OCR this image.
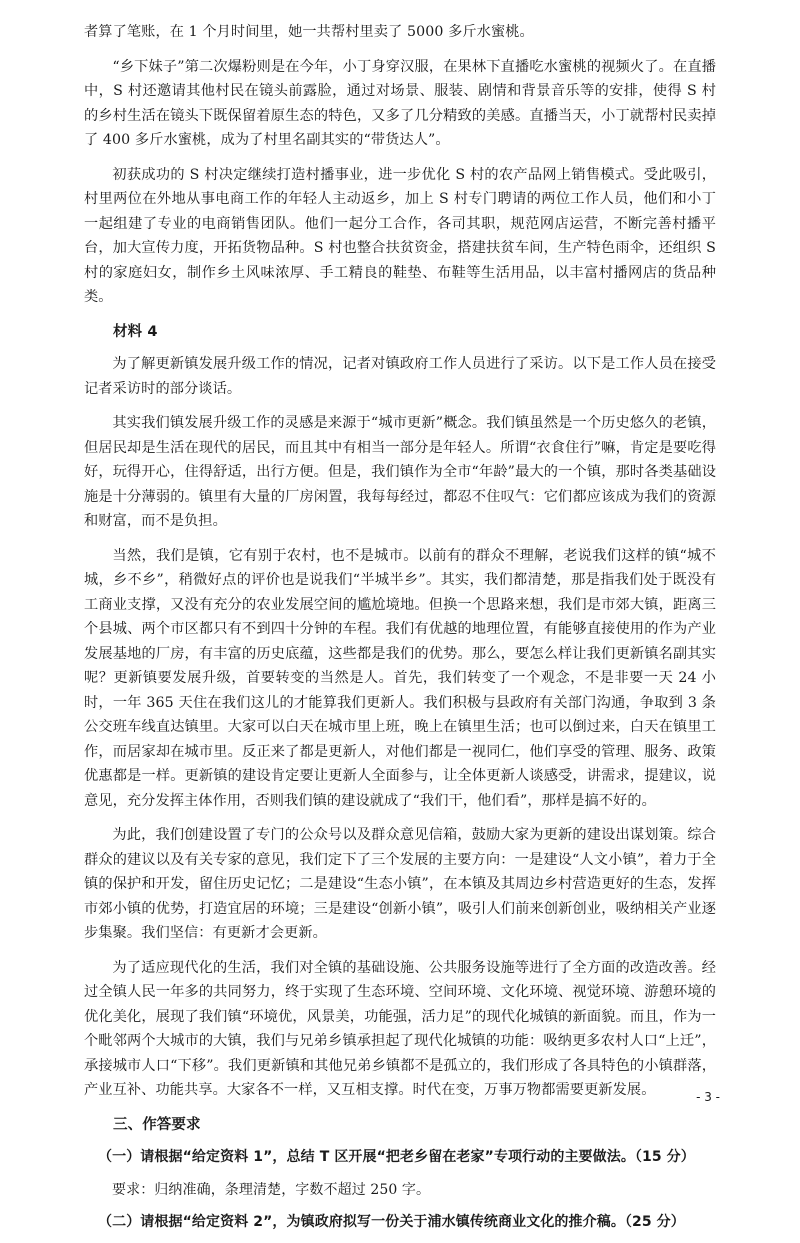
者算了笔账，在 1 个月时间里，她一共帮村里卖了 5000 多斤水蜜桃。

“乡下妹子”第二次爆粉则是在今年，小丁身穿汉服，在果林下直播吃水蜜桃的视频火了。在直播中，S 村还邀请其他村民在镜头前露脸，通过对场景、服装、剧情和背景音乐等的安排，使得 S 村的乡村生活在镜头下既保留着原生态的特色，又多了几分精致的美感。直播当天，小丁就帮村民卖掉了 400 多斤水蜜桃，成为了村里名副其实的“带货达人”。

初获成功的 S 村决定继续打造村播事业，进一步优化 S 村的农产品网上销售模式。受此吸引，村里两位在外地从事电商工作的年轻人主动返乡，加上 S 村专门聘请的两位工作人员，他们和小丁一起组建了专业的电商销售团队。他们一起分工合作，各司其职，规范网店运营，不断完善村播平台，加大宣传力度，开拓货物品种。S 村也整合扶贫资金，搭建扶贫车间，生产特色雨伞，还组织 S 村的家庭妇女，制作乡土风味浓厚、手工精良的鞋垫、布鞋等生活用品，以丰富村播网店的货品种类。

材料 4

为了解更新镇发展升级工作的情况，记者对镇政府工作人员进行了采访。以下是工作人员在接受记者采访时的部分谈话。

其实我们镇发展升级工作的灵感是来源于“城市更新”概念。我们镇虽然是一个历史悠久的老镇，但居民却是生活在现代的居民，而且其中有相当一部分是年轻人。所谓“衣食住行”嘛，肯定是要吃得好，玩得开心，住得舒适，出行方便。但是，我们镇作为全市“年龄”最大的一个镇，那时各类基础设施是十分薄弱的。镇里有大量的厂房闲置，我每每经过，都忍不住叹气：它们都应该成为我们的资源和财富，而不是负担。

当然，我们是镇，它有别于农村，也不是城市。以前有的群众不理解，老说我们这样的镇“城不城，乡不乡”，稍微好点的评价也是说我们“半城半乡”。其实，我们都清楚，那是指我们处于既没有工商业支撑，又没有充分的农业发展空间的尴尬境地。但换一个思路来想，我们是市郊大镇，距离三个县城、两个市区都只有不到四十分钟的车程。我们有优越的地理位置，有能够直接使用的作为产业发展基地的厂房，有丰富的历史底蕴，这些都是我们的优势。那么，要怎么样让我们更新镇名副其实呢？更新镇要发展升级，首要转变的当然是人。首先，我们转变了一个观念，不是非要一天 24 小时，一年 365 天住在我们这儿的才能算我们更新人。我们积极与县政府有关部门沟通，争取到 3 条公交班车线直达镇里。大家可以白天在城市里上班，晚上在镇里生活；也可以倒过来，白天在镇里工作，而居家却在城市里。反正来了都是更新人，对他们都是一视同仁，他们享受的管理、服务、政策优惠都是一样。更新镇的建设肯定要让更新人全面参与，让全体更新人谈感受，讲需求，提建议，说意见，充分发挥主体作用，否则我们镇的建设就成了“我们干，他们看”，那样是搞不好的。

为此，我们创建设置了专门的公众号以及群众意见信箱，鼓励大家为更新的建设出谋划策。综合群众的建议以及有关专家的意见，我们定下了三个发展的主要方向：一是建设“人文小镇”，着力于全镇的保护和开发，留住历史记忆；二是建设“生态小镇”，在本镇及其周边乡村营造更好的生态，发挥市郊小镇的优势，打造宜居的环境；三是建设“创新小镇”，吸引人们前来创新创业，吸纳相关产业逐步集聚。我们坚信：有更新才会更新。

为了适应现代化的生活，我们对全镇的基础设施、公共服务设施等进行了全方面的改造改善。经过全镇人民一年多的共同努力，终于实现了生态环境、空间环境、文化环境、视觉环境、游憩环境的优化美化，展现了我们镇“环境优，风景美，功能强，活力足”的现代化城镇的新面貌。而且，作为一个毗邻两个大城市的大镇，我们与兄弟乡镇承担起了现代化城镇的功能：吸纳更多农村人口“上迁”，承接城市人口“下移”。我们更新镇和其他兄弟乡镇都不是孤立的，我们形成了各具特色的小镇群落，产业互补、功能共享。大家各不一样，又互相支撑。时代在变，万事万物都需要更新发展。

三、作答要求

（一）请根据“给定资料 1”，总结 T 区开展“把老乡留在老家”专项行动的主要做法。（15 分）

要求：归纳准确，条理清楚，字数不超过 250 字。

（二）请根据“给定资料 2”，为镇政府拟写一份关于浦水镇传统商业文化的推介稿。（25 分）

- 3 -
